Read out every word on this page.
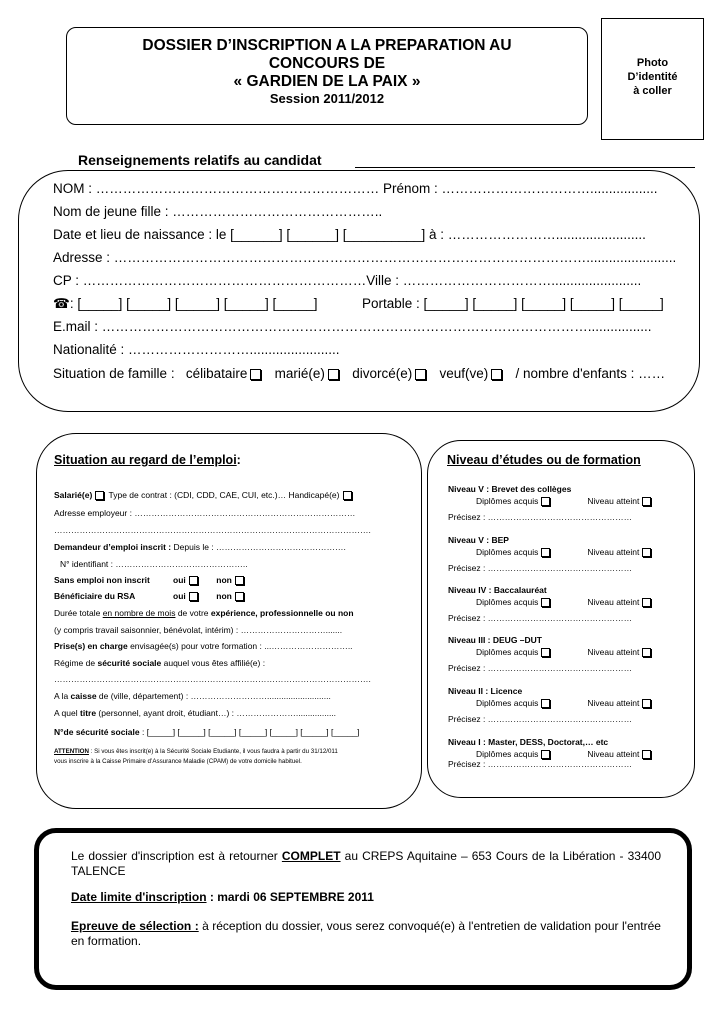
DOSSIER D’INSCRIPTION A LA PREPARATION AU
CONCOURS DE
« GARDIEN DE LA PAIX »
Session 2011/2012
Photo
D’identité
à coller
Renseignements relatifs au candidat
NOM : ……………………………………………………… Prénom : ……………………………..................
Nom de jeune fille : ………………………………………..
Date et lieu de naissance : le [______] [______] [__________] à : ……………………........................
Adresse : ……………………………………………………………………………………………........................
CP : ………………………………………………………Ville : ……………………………........................
☎: [_____] [_____] [_____] [_____] [_____]	Portable : [_____] [_____] [_____] [_____] [_____]
E.mail : ……………………………………………………………………………………………….................
Nationalité : ………………………........................
Situation de famille : célibataire marié(e) divorcé(e) veuf(ve) / nombre d'enfants : ……
Situation au regard de l’emploi:
Salarié(e) Type de contrat : (CDI, CDD, CAE, CUI, etc.)… Handicapé(e)
Adresse employeur : ……………………………………………………………………
………………………………………………………………………………………………….
Demandeur d’emploi inscrit : Depuis le : ……………………………………….
N° identifiant : ………………………………………..
Sans emploi non inscrit	oui	non
Bénéficiaire du RSA	oui	non
Durée totale en nombre de mois de votre expérience, professionnelle ou non
(y compris travail saisonnier, bénévolat, intérim) : ………………………….......
Prise(s) en charge envisagée(s) pour votre formation : ...………………………..
Régime de sécurité sociale auquel vous êtes affilié(e) :
………………………………………………………………………………………………….
A la caisse de (ville, département) : ………………………...........................
A quel titre (personnel, ayant droit, étudiant…) : ………………….................
N°de sécurité sociale : [_____] [_____] [_____] [_____] [_____] [_____] [_____]
ATTENTION : Si vous êtes inscrit(e) à la Sécurité Sociale Etudiante, il vous faudra à partir du 31/12/011
vous inscrire à la Caisse Primaire d’Assurance Maladie (CPAM) de votre domicile habituel.
Niveau d’études ou de formation
Niveau V : Brevet des collèges
Diplômes acquis	Niveau atteint
Précisez : ……………………………………………
Niveau V : BEP
Diplômes acquis	Niveau atteint
Précisez : ……………………………………………
Niveau IV : Baccalauréat
Diplômes acquis	Niveau atteint
Précisez : ……………………………………………
Niveau III : DEUG –DUT
Diplômes acquis	Niveau atteint
Précisez : ……………………………………………
Niveau II : Licence
Diplômes acquis	Niveau atteint
Précisez : ……………………………………………
Niveau I : Master, DESS, Doctorat,… etc
Diplômes acquis	Niveau atteint
Précisez : ……………………………………………
Le dossier d'inscription est à retourner COMPLET au CREPS Aquitaine – 653 Cours de la Libération - 33400 TALENCE
Date limite d'inscription : mardi 06 SEPTEMBRE 2011
Epreuve de sélection : à réception du dossier, vous serez convoqué(e) à l'entretien de validation pour l'entrée en formation.
